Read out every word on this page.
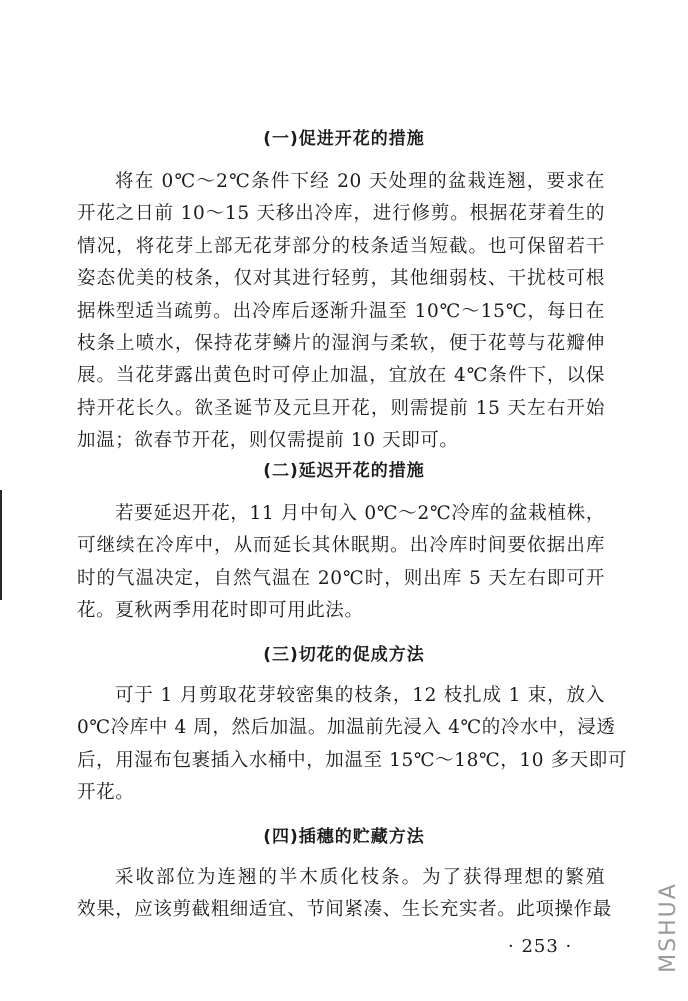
(一)促进开花的措施
将在 0℃～2℃条件下经 20 天处理的盆栽连翘，要求在
开花之日前 10～15 天移出冷库，进行修剪。根据花芽着生的
情况，将花芽上部无花芽部分的枝条适当短截。也可保留若干
姿态优美的枝条，仅对其进行轻剪，其他细弱枝、干扰枝可根
据株型适当疏剪。出冷库后逐渐升温至 10℃～15℃，每日在
枝条上喷水，保持花芽鳞片的湿润与柔软，便于花萼与花瓣伸
展。当花芽露出黄色时可停止加温，宜放在 4℃条件下，以保
持开花长久。欲圣诞节及元旦开花，则需提前 15 天左右开始
加温；欲春节开花，则仅需提前 10 天即可。
(二)延迟开花的措施
若要延迟开花，11 月中旬入 0℃～2℃冷库的盆栽植株，
可继续在冷库中，从而延长其休眠期。出冷库时间要依据出库
时的气温决定，自然气温在 20℃时，则出库 5 天左右即可开
花。夏秋两季用花时即可用此法。
(三)切花的促成方法
可于 1 月剪取花芽较密集的枝条，12 枝扎成 1 束，放入
0℃冷库中 4 周，然后加温。加温前先浸入 4℃的冷水中，浸透
后，用湿布包裹插入水桶中，加温至 15℃～18℃，10 多天即可
开花。
(四)插穗的贮藏方法
采收部位为连翘的半木质化枝条。为了获得理想的繁殖
效果，应该剪截粗细适宜、节间紧凑、生长充实者。此项操作最
· 253 ·	MSHUA
